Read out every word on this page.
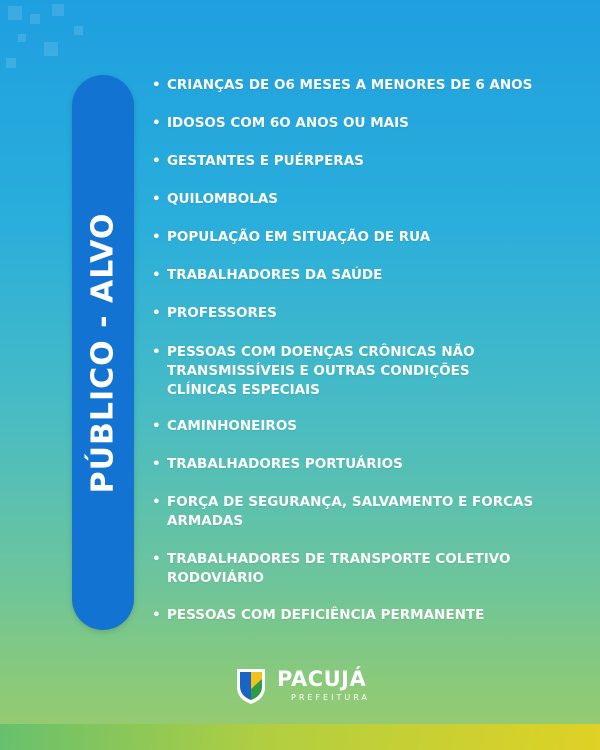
PÚBLICO - ALVO
• CRIANÇAS DE O6 MESES A MENORES DE 6 ANOS
• IDOSOS COM 6O ANOS OU MAIS
• GESTANTES E PUÉRPERAS
• QUILOMBOLAS
• POPULAÇÃO EM SITUAÇÃO DE RUA
• TRABALHADORES DA SAÚDE
• PROFESSORES
• PESSOAS COM DOENÇAS CRÔNICAS NÃO
TRANSMISSÍVEIS E OUTRAS CONDIÇÕES
CLÍNICAS ESPECIAIS
• CAMINHONEIROS
• TRABALHADORES PORTUÁRIOS
• FORÇA DE SEGURANÇA, SALVAMENTO E FORCAS
ARMADAS
• TRABALHADORES DE TRANSPORTE COLETIVO
RODOVIÁRIO
• PESSOAS COM DEFICIÊNCIA PERMANENTE
PACUJÁ
PREFEITURA
